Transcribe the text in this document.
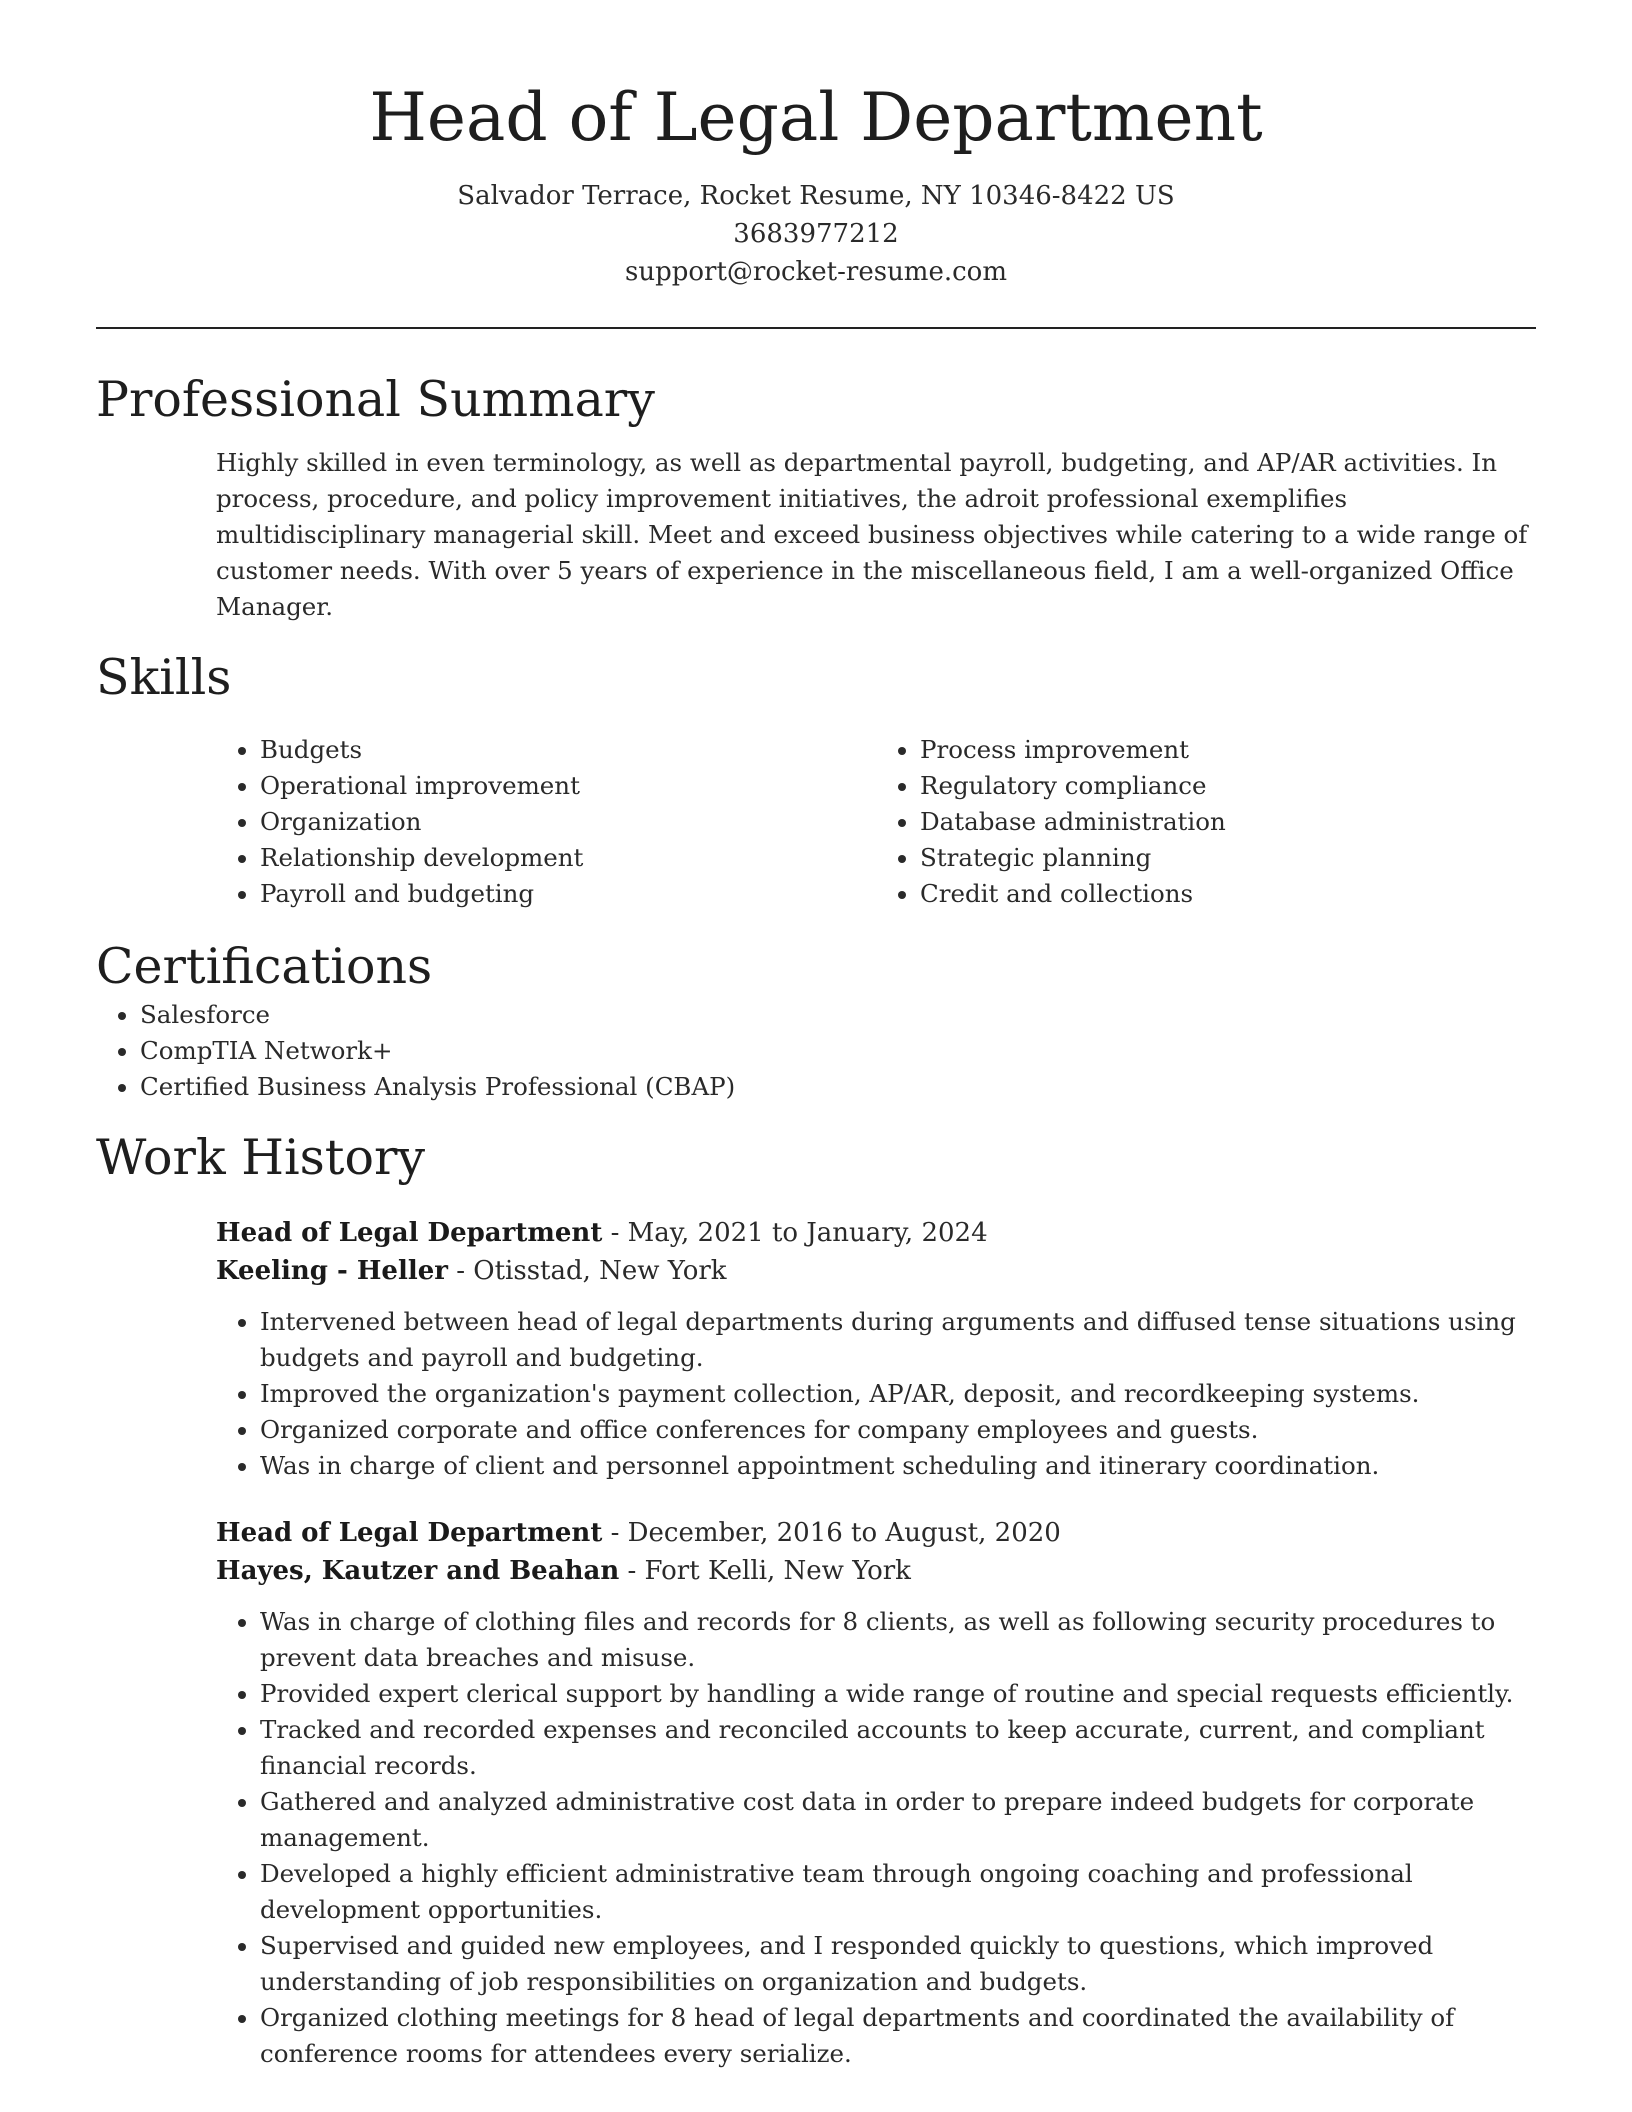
Head of Legal Department
Salvador Terrace, Rocket Resume, NY 10346-8422 US
3683977212
support@rocket-resume.com
Professional Summary

Highly skilled in even terminology, as well as departmental payroll, budgeting, and AP/AR activities. In process, procedure, and policy improvement initiatives, the adroit professional exemplifies multidisciplinary managerial skill. Meet and exceed business objectives while catering to a wide range of customer needs. With over 5 years of experience in the miscellaneous field, I am a well-organized Office Manager.

Skills
• Budgets
• Operational improvement
• Organization
• Relationship development
• Payroll and budgeting
• Process improvement
• Regulatory compliance
• Database administration
• Strategic planning
• Credit and collections
Certifications
• Salesforce
• CompTIA Network+
• Certified Business Analysis Professional (CBAP)
Work History
Head of Legal Department - May, 2021 to January, 2024
Keeling - Heller - Otisstad, New York
• Intervened between head of legal departments during arguments and diffused tense situations using budgets and payroll and budgeting.
• Improved the organization's payment collection, AP/AR, deposit, and recordkeeping systems.
• Organized corporate and office conferences for company employees and guests.
• Was in charge of client and personnel appointment scheduling and itinerary coordination.
Head of Legal Department - December, 2016 to August, 2020
Hayes, Kautzer and Beahan - Fort Kelli, New York
• Was in charge of clothing files and records for 8 clients, as well as following security procedures to prevent data breaches and misuse.
• Provided expert clerical support by handling a wide range of routine and special requests efficiently.
• Tracked and recorded expenses and reconciled accounts to keep accurate, current, and compliant financial records.
• Gathered and analyzed administrative cost data in order to prepare indeed budgets for corporate management.
• Developed a highly efficient administrative team through ongoing coaching and professional development opportunities.
• Supervised and guided new employees, and I responded quickly to questions, which improved understanding of job responsibilities on organization and budgets.
• Organized clothing meetings for 8 head of legal departments and coordinated the availability of conference rooms for attendees every serialize.
